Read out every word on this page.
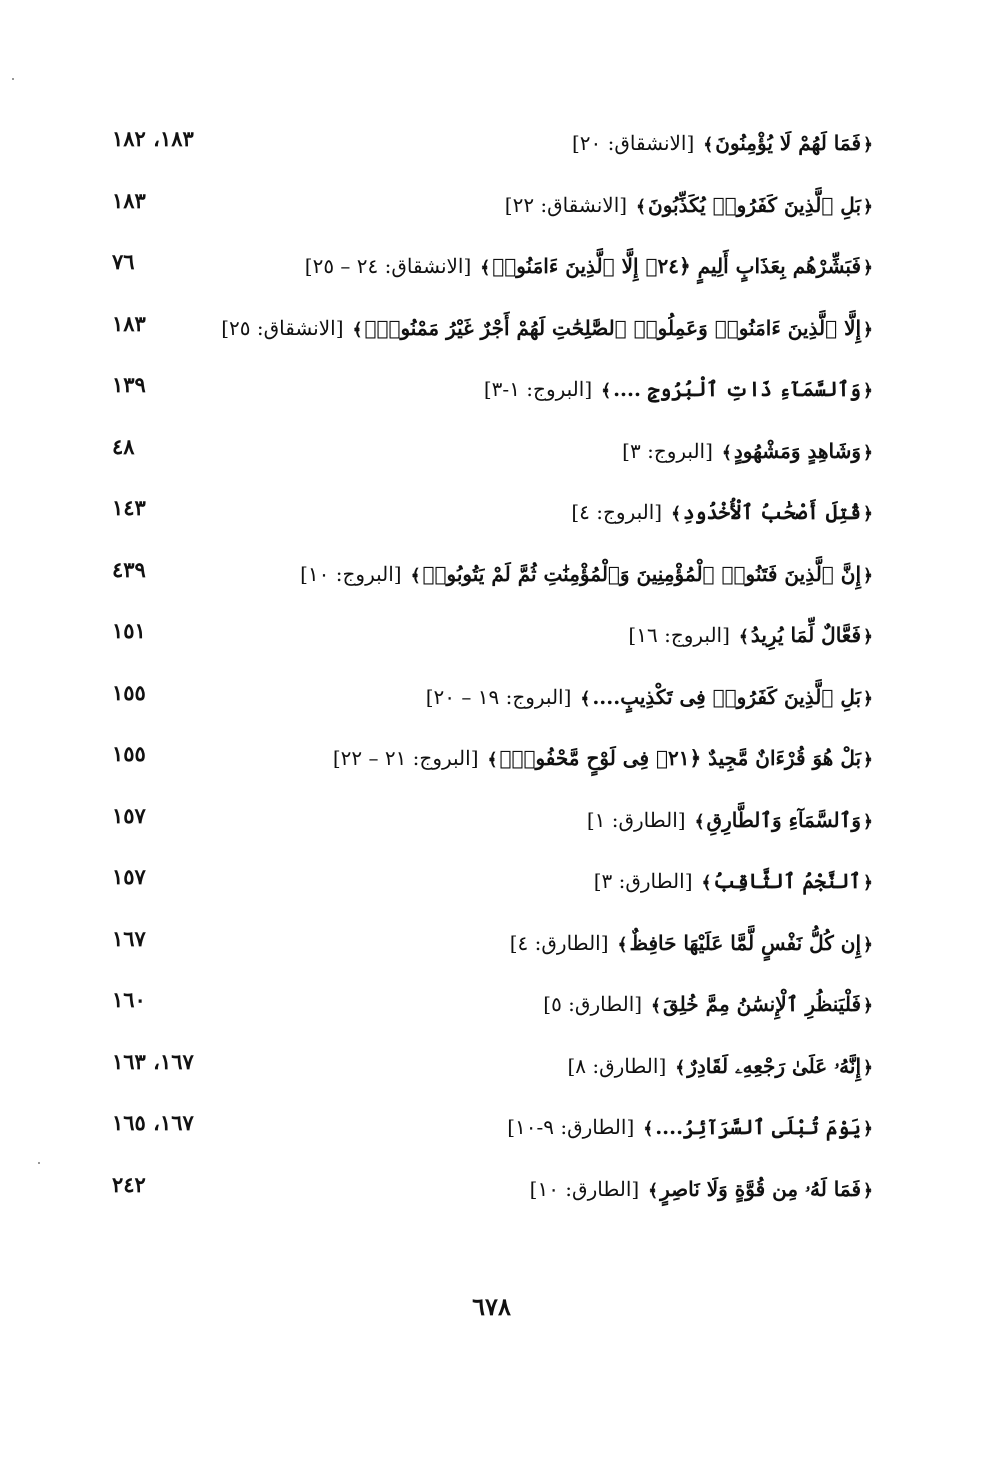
﴿فَمَا لَهُمْ لَا يُؤْمِنُونَ﴾ [الانشقاق: ٢٠]
١٨٣، ١٨٢
﴿بَلِ ٱلَّذِينَ كَفَرُوا۟ يُكَذِّبُونَ﴾ [الانشقاق: ٢٢]
١٨٣
﴿فَبَشِّرْهُم بِعَذَابٍ أَلِيمٍ ﴿٢٤﴾ إِلَّا ٱلَّذِينَ ءَامَنُوا۟﴾ [الانشقاق: ٢٤ – ٢٥]
٧٦
﴿إِلَّا ٱلَّذِينَ ءَامَنُوا۟ وَعَمِلُوا۟ ٱلصَّٰلِحَٰتِ لَهُمْ أَجْرٌ غَيْرُ مَمْنُونٍۭ﴾ [الانشقاق: ٢٥]
١٨٣
﴿وَٱلسَّمَآءِ ذَاتِ ٱلْبُرُوجِ ....﴾ [البروج: ١-٣]
١٣٩
﴿وَشَاهِدٍ وَمَشْهُودٍ﴾ [البروج: ٣]
٤٨
﴿قُتِلَ أَصْحَٰبُ ٱلْأُخْدُودِ﴾ [البروج: ٤]
١٤٣
﴿إِنَّ ٱلَّذِينَ فَتَنُوا۟ ٱلْمُؤْمِنِينَ وَٱلْمُؤْمِنَٰتِ ثُمَّ لَمْ يَتُوبُوا۟﴾ [البروج: ١٠]
٤٣٩
﴿فَعَّالٌ لِّمَا يُرِيدُ﴾ [البروج: ١٦]
١٥١
﴿بَلِ ٱلَّذِينَ كَفَرُوا۟ فِى تَكْذِيبٍ....﴾ [البروج: ١٩ – ٢٠]
١٥٥
﴿بَلْ هُوَ قُرْءَانٌ مَّجِيدٌ ﴿٢١﴾ فِى لَوْحٍ مَّحْفُوظٍۭ﴾ [البروج: ٢١ – ٢٢]
١٥٥
﴿وَٱلسَّمَآءِ وَٱلطَّارِقِ﴾ [الطارق: ١]
١٥٧
﴿ٱلنَّجْمُ ٱلثَّاقِبُ﴾ [الطارق: ٣]
١٥٧
﴿إِن كُلُّ نَفْسٍ لَّمَّا عَلَيْهَا حَافِظٌ﴾ [الطارق: ٤]
١٦٧
﴿فَلْيَنظُرِ ٱلْإِنسَٰنُ مِمَّ خُلِقَ﴾ [الطارق: ٥]
١٦٠
﴿إِنَّهُۥ عَلَىٰ رَجْعِهِۦ لَقَادِرٌ﴾ [الطارق: ٨]
١٦٧، ١٦٣
﴿يَوْمَ تُبْلَى ٱلسَّرَآئِرُ....﴾ [الطارق: ٩-١٠]
١٦٧، ١٦٥
﴿فَمَا لَهُۥ مِن قُوَّةٍ وَلَا نَاصِرٍ﴾ [الطارق: ١٠]
٢٤٢
٦٧٨
